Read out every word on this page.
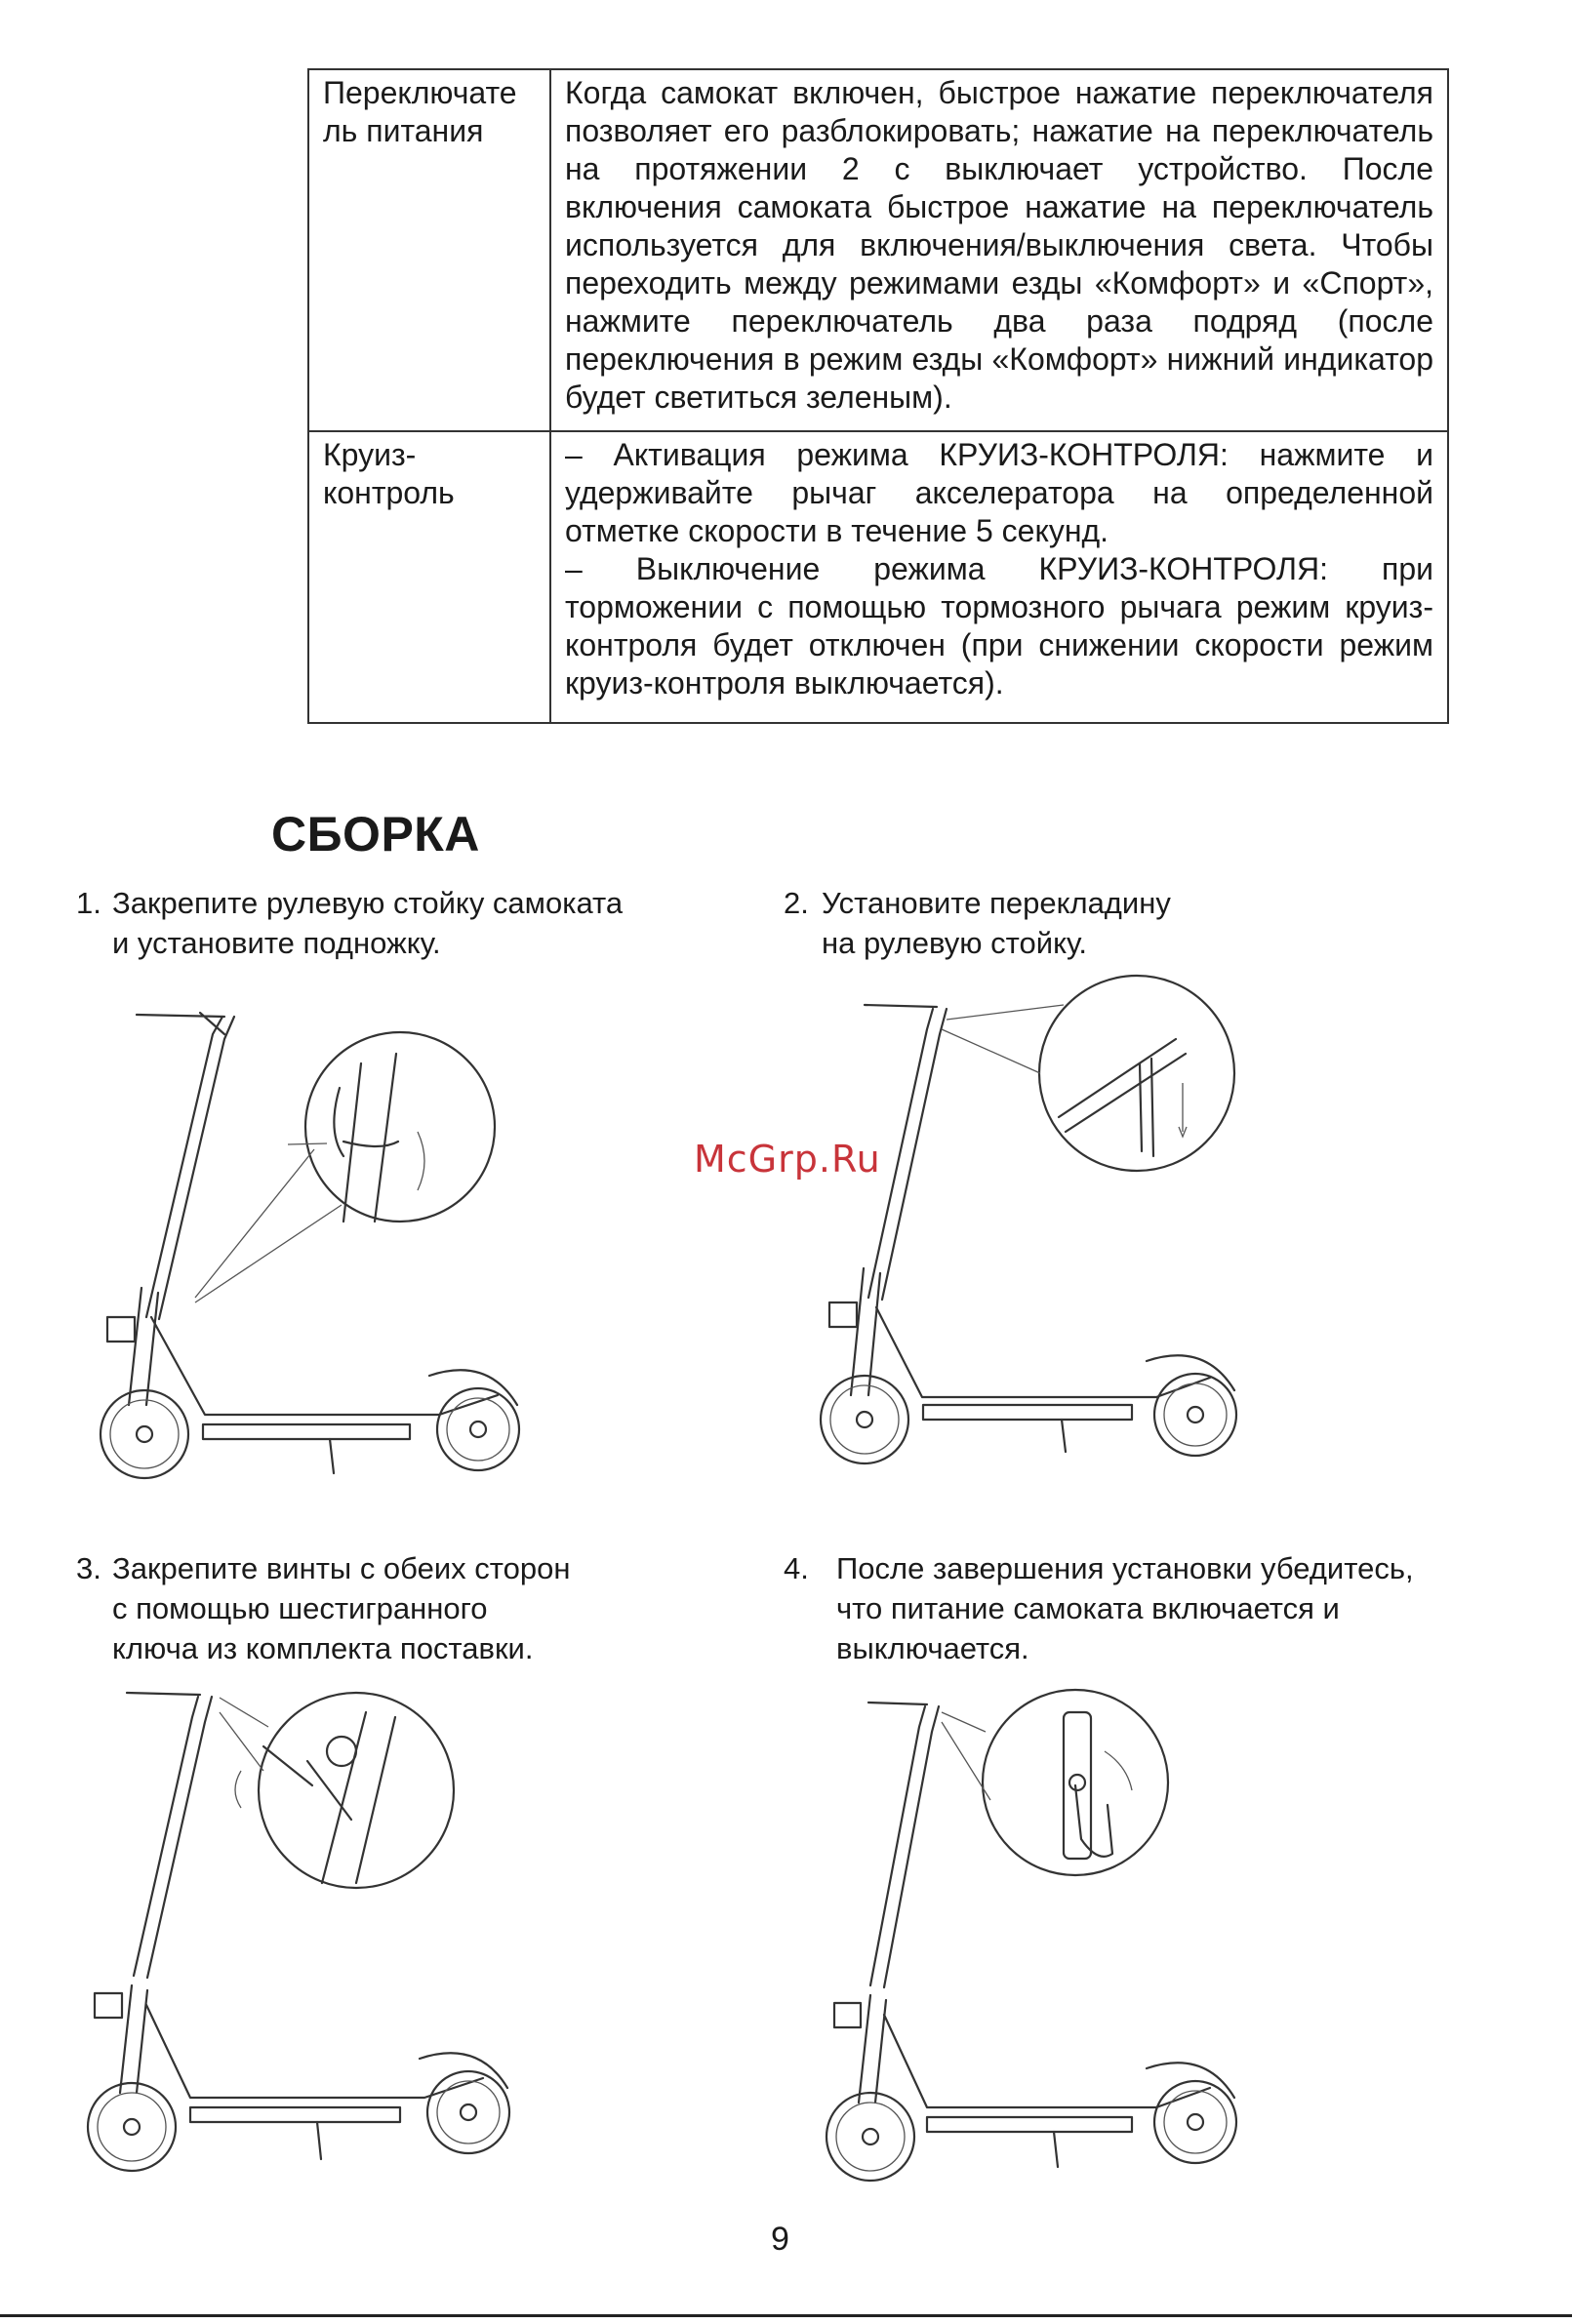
Переключате
ль питания	Когда самокат включен, быстрое нажатие переключателя позволяет его разблокировать; нажатие на переключатель на протяжении 2 с выключает устройство. После включения самоката быстрое нажатие на переключатель используется для включения/выключения света. Чтобы переходить между режимами езды «Комфорт» и «Спорт», нажмите переключатель два раза подряд (после переключения в режим езды «Комфорт» нижний индикатор будет светиться зеленым).

Круиз-
контроль	– Активация режима КРУИЗ-КОНТРОЛЯ: нажмите и удерживайте рычаг акселератора на определенной отметке скорости в течение 5 секунд.
– Выключение режима КРУИЗ-КОНТРОЛЯ: при торможении с помощью тормозного рычага режим круиз-контроля будет отключен (при снижении скорости режим круиз-контроля выключается).
СБОРКА
1. Закрепите рулевую стойку самоката
и установите подножку.
2. Установите перекладину
на рулевую стойку.
3. Закрепите винты с обеих сторон
с помощью шестигранного
ключа из комплекта поставки.
4. После завершения установки убедитесь,
что питание самоката включается и
выключается.
McGrp.Ru
9
